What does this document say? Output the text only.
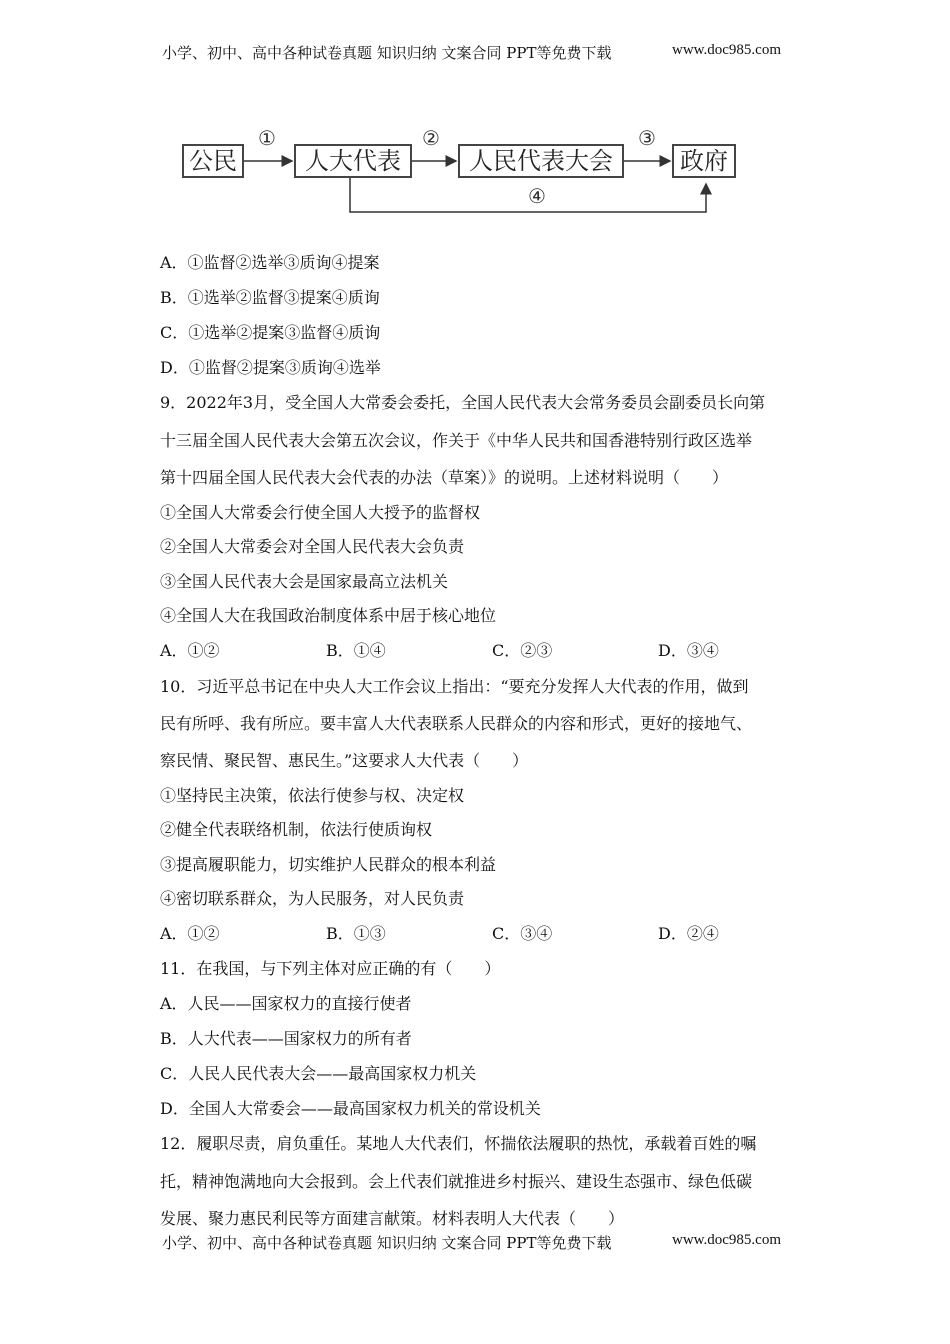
小学、初中、高中各种试卷真题 知识归纳 文案合同 PPT等免费下载	www.doc985.com
公民	人大代表	人民代表大会	政府
①	②	③
④
A．①监督②选举③质询④提案
B．①选举②监督③提案④质询
C．①选举②提案③监督④质询
D．①监督②提案③质询④选举
9．2022年3月，受全国人大常委会委托，全国人民代表大会常务委员会副委员长向第
十三届全国人民代表大会第五次会议，作关于《中华人民共和国香港特别行政区选举
第十四届全国人民代表大会代表的办法（草案）》的说明。上述材料说明（　　）
①全国人大常委会行使全国人大授予的监督权
②全国人大常委会对全国人民代表大会负责
③全国人民代表大会是国家最高立法机关
④全国人大在我国政治制度体系中居于核心地位
A．①②	B．①④	C．②③	D．③④
10．习近平总书记在中央人大工作会议上指出：“要充分发挥人大代表的作用，做到
民有所呼、我有所应。要丰富人大代表联系人民群众的内容和形式，更好的接地气、
察民情、聚民智、惠民生。”这要求人大代表（　　）
①坚持民主决策，依法行使参与权、决定权
②健全代表联络机制，依法行使质询权
③提高履职能力，切实维护人民群众的根本利益
④密切联系群众，为人民服务，对人民负责
A．①②	B．①③	C．③④	D．②④
11．在我国，与下列主体对应正确的有（　　）
A．人民——国家权力的直接行使者
B．人大代表——国家权力的所有者
C．人民人民代表大会——最高国家权力机关
D．全国人大常委会——最高国家权力机关的常设机关
12．履职尽责，肩负重任。某地人大代表们，怀揣依法履职的热忱，承载着百姓的嘱
托，精神饱满地向大会报到。会上代表们就推进乡村振兴、建设生态强市、绿色低碳
发展、聚力惠民利民等方面建言献策。材料表明人大代表（　　）
小学、初中、高中各种试卷真题 知识归纳 文案合同 PPT等免费下载	www.doc985.com
